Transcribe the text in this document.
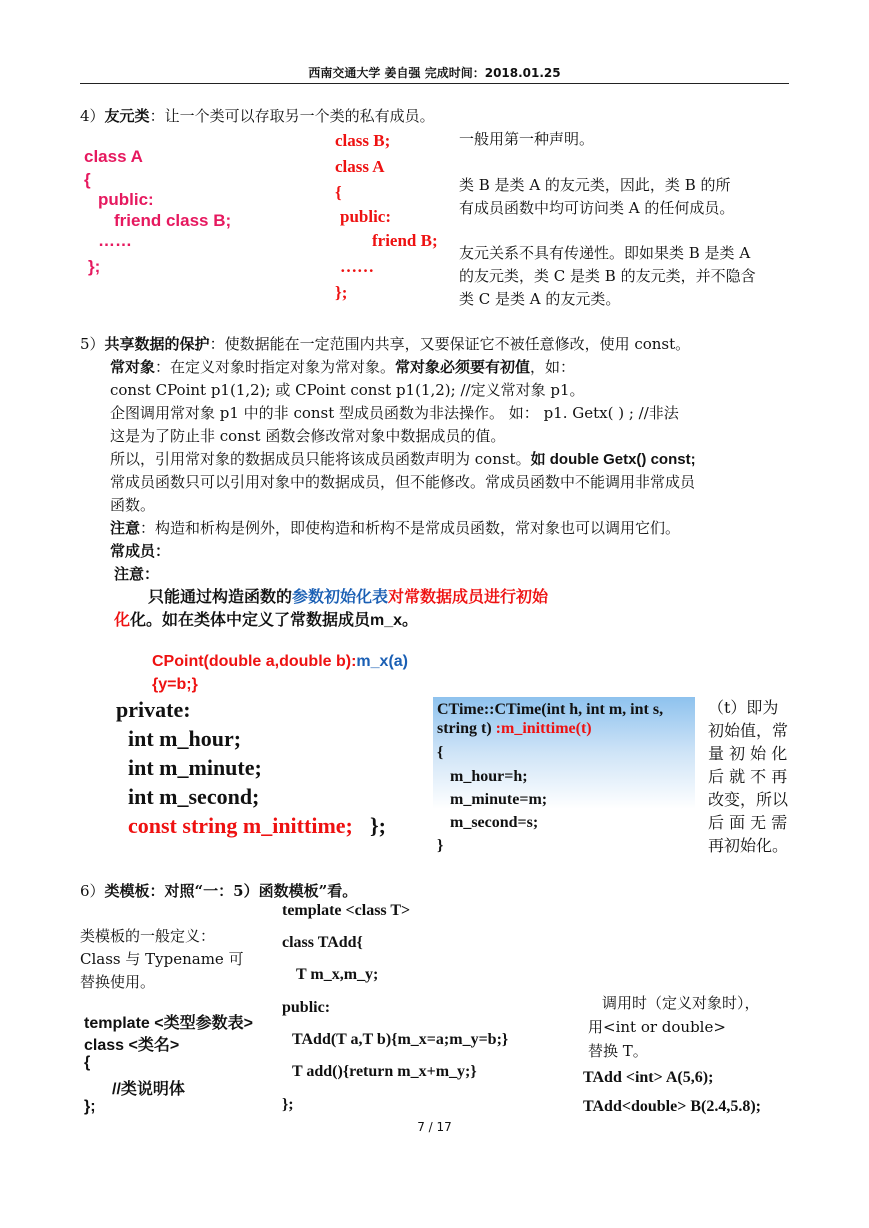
西南交通大学 姜自强 完成时间：2018.01.25
4）友元类：让一个类可以存取另一个类的私有成员。
class A
{
public:
friend class B;
……
};
class B;
class A
{
public:
friend B;
……
};
一般用第一种声明。
类 B 是类 A 的友元类，因此，类 B 的所
有成员函数中均可访问类 A 的任何成员。
友元关系不具有传递性。即如果类 B 是类 A
的友元类，类 C 是类 B 的友元类，并不隐含
类 C 是类 A 的友元类。
5）共享数据的保护：使数据能在一定范围内共享，又要保证它不被任意修改，使用 const。
常对象：在定义对象时指定对象为常对象。常对象必须要有初值，如：
const CPoint p1(1,2); 或 CPoint const p1(1,2); //定义常对象 p1。
企图调用常对象 p1 中的非 const 型成员函数为非法操作。 如： p1. Getx( ) ; //非法
这是为了防止非 const 函数会修改常对象中数据成员的值。
所以，引用常对象的数据成员只能将该成员函数声明为 const。如 double Getx() const;
常成员函数只可以引用对象中的数据成员，但不能修改。常成员函数中不能调用非常成员
函数。
注意：构造和析构是例外，即使构造和析构不是常成员函数，常对象也可以调用它们。
常成员：
注意：
只能通过构造函数的参数初始化表对常数据成员进行初始
化化。如在类体中定义了常数据成员m_x。
CPoint(double a,double b):m_x(a)
{y=b;}
private:
int m_hour;
int m_minute;
int m_second;
const string m_inittime; };
CTime::CTime(int h, int m, int s,
string t) :m_inittime(t)
{
m_hour=h;
m_minute=m;
m_second=s;
}
（t）即为
初始值，常
量 初 始 化
后 就 不 再
改变，所以
后 面 无 需
再初始化。
6）类模板：对照“一：5）函数模板”看。
类模板的一般定义：
Class 与 Typename 可
替换使用。
template <类型参数表>
class <类名>
{
//类说明体
};
template <class T>
class TAdd{
T m_x,m_y;
public:
TAdd(T a,T b){m_x=a;m_y=b;}
T add(){return m_x+m_y;}
};
调用时（定义对象时），
用<int or double>
替换 T。
TAdd <int> A(5,6);
TAdd<double> B(2.4,5.8);
7 / 17
